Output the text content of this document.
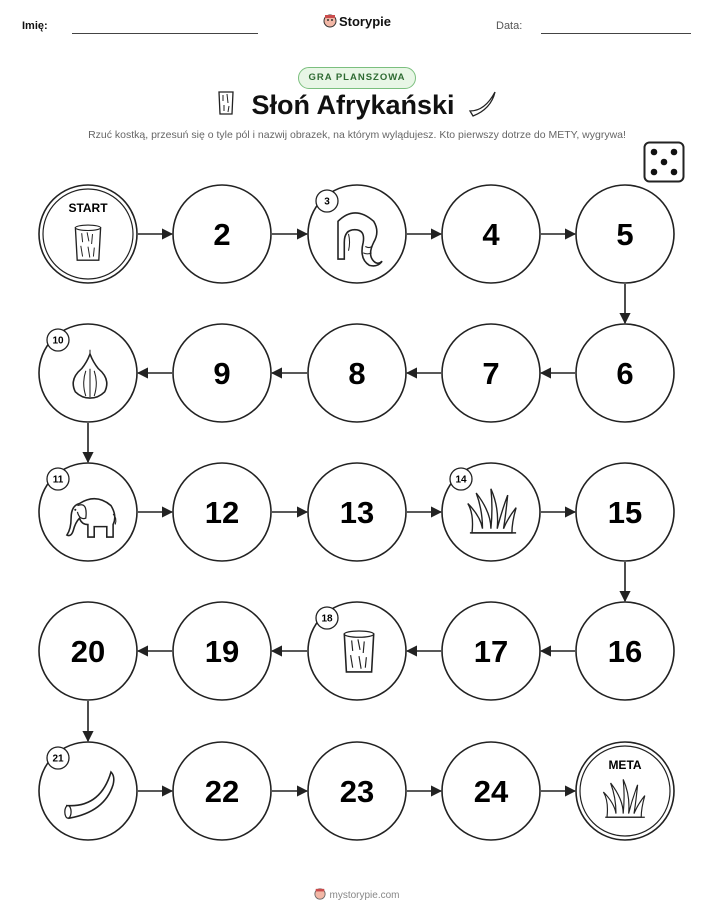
Imię:	Storypie	Data:
GRA PLANSZOWA
Słoń Afrykański
Rzuć kostką, przesuń się o tyle pól i nazwij obrazek, na którym wylądujesz. Kto pierwszy dotrze do METY, wygrywa!
START
2
3
4	5
6
7
8
9
10
11
12	13
14
15
16
17
18
19
20
21
22	23	24
META
mystorypie.com
